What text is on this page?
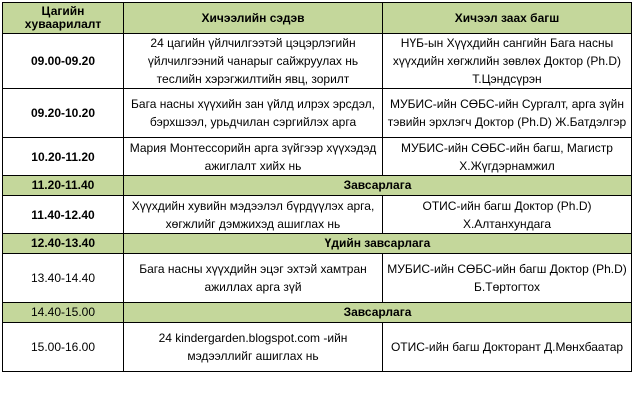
Цагийн хуваарилалт	Хичээлийн сэдэв	Хичээл заах багш
09.00-09.20	24 цагийн үйлчилгээтэй цэцэрлэгийн үйлчилгээний чанарыг сайжруулах нь теслийн хэрэгжилтийн явц, зорилт	НҮБ-ын Хүүхдийн сангийн Бага насны хүүхдийн хөгжлийн зөвлөх Доктор (Ph.D) Т.Цэндсүрэн
09.20-10.20	Бага насны хүүхийн зан үйлд илрэх эрсдэл, бэрхшээл, урьдчилан сэргийлэх арга	МУБИС-ийн СӨБС-ийн Сургалт, арга зүйн тэвийн эрхлэгч Доктор (Ph.D) Ж.Батдэлгэр
10.20-11.20	Мария Монтессорийн арга зүйгээр хүүхэдэд ажиглалт хийх нь	МУБИС-ийн СӨБС-ийн багш, Магистр Х.Жүгдэрнамжил
11.20-11.40	Завсарлага	
11.40-12.40	Хүүхдийн хувийн мэдээлэл бүрдүүлэх арга, хөгжлийг дэмжихэд ашиглах нь	ОТИС-ийн багш Доктор (Ph.D) Х.Алтанхундага
12.40-13.40	Үдийн завсарлага	
13.40-14.40	Бага насны хүүхдийн эцэг эхтэй хамтран ажиллах арга зүй	МУБИС-ийн СӨБС-ийн багш Доктор (Ph.D) Б.Төртогтох
14.40-15.00	Завсарлага	
15.00-16.00	24 kindergarden.blogspot.com -ийн мэдээллийг ашиглах нь	ОТИС-ийн багш Докторант Д.Мөнхбаатар
